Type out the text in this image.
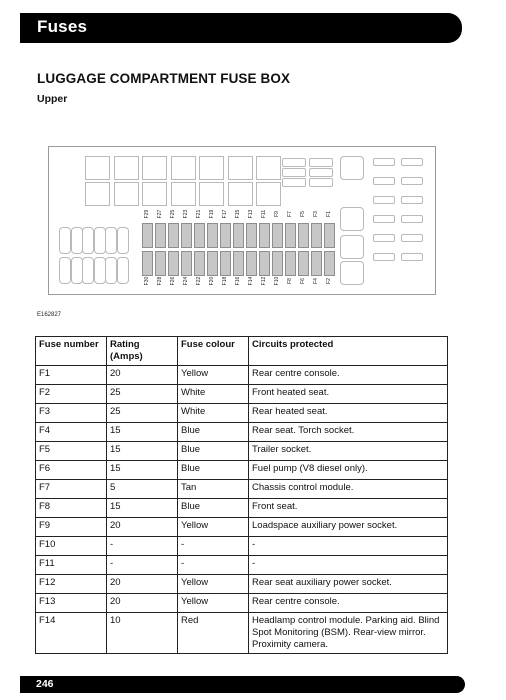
Fuses
LUGGAGE COMPARTMENT FUSE BOX
Upper
F29
F30
F27
F28
F25
F26
F23
F24
F21
F22
F19
F20
F17
F18
F15
F16
F13
F14
F11
F12
F9
F10
F7
F8
F5
F6
F3
F4
F1
F2
E162827
Fuse number	Rating (Amps)	Fuse colour	Circuits protected
F1	20	Yellow	Rear centre console.
F2	25	White	Front heated seat.
F3	25	White	Rear heated seat.
F4	15	Blue	Rear seat. Torch socket.
F5	15	Blue	Trailer socket.
F6	15	Blue	Fuel pump (V8 diesel only).
F7	5	Tan	Chassis control module.
F8	15	Blue	Front seat.
F9	20	Yellow	Loadspace auxiliary power socket.
F10	-	-	-
F11	-	-	-
F12	20	Yellow	Rear seat auxiliary power socket.
F13	20	Yellow	Rear centre console.
F14	10	Red	Headlamp control module. Parking aid. Blind Spot Monitoring (BSM). Rear-view mirror. Proximity camera.
246
